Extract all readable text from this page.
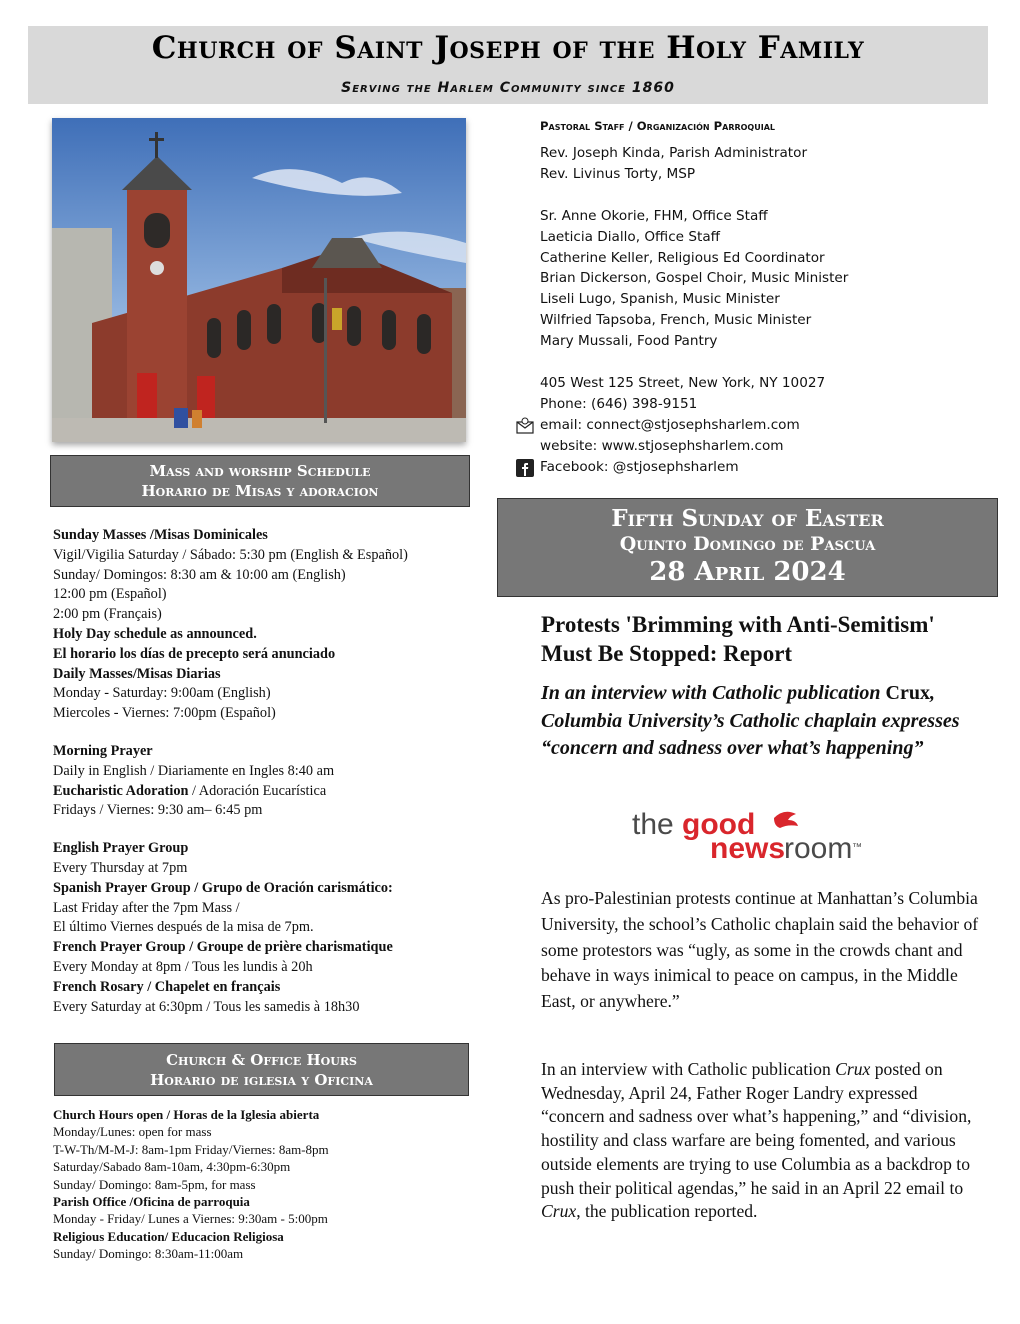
Church of Saint Joseph of the Holy Family
Serving the Harlem Community since 1860
Mass and worship Schedule
Horario de Misas y adoracion
Sunday Masses /Misas Dominicales
Vigil/Vigilia Saturday / Sábado: 5:30 pm (English & Español)
Sunday/ Domingos: 8:30 am & 10:00 am (English)
12:00 pm (Español)
2:00 pm (Français)
Holy Day schedule as announced.
El horario los días de precepto será anunciado
Daily Masses/Misas Diarias
Monday - Saturday: 9:00am (English)
Miercoles - Viernes: 7:00pm (Español)
Morning Prayer
Daily in English / Diariamente en Ingles 8:40 am
Eucharistic Adoration / Adoración Eucarística
Fridays / Viernes: 9:30 am– 6:45 pm
English Prayer Group
Every Thursday at 7pm
Spanish Prayer Group / Grupo de Oración carismático:
Last Friday after the 7pm Mass /
El último Viernes después de la misa de 7pm.
French Prayer Group / Groupe de prière charismatique
Every Monday at 8pm / Tous les lundis à 20h
French Rosary / Chapelet en français
Every Saturday at 6:30pm / Tous les samedis à 18h30
Church & Office Hours
Horario de iglesia y Oficina
Church Hours open / Horas de la Iglesia abierta
Monday/Lunes: open for mass
T-W-Th/M-M-J: 8am-1pm Friday/Viernes: 8am-8pm
Saturday/Sabado 8am-10am, 4:30pm-6:30pm
Sunday/ Domingo: 8am-5pm, for mass
Parish Office /Oficina de parroquia
Monday - Friday/ Lunes a Viernes: 9:30am - 5:00pm
Religious Education/ Educacion Religiosa
Sunday/ Domingo: 8:30am-11:00am
Pastoral Staff / Organización Parroquial
Rev. Joseph Kinda, Parish Administrator
Rev. Livinus Torty, MSP
Sr. Anne Okorie, FHM, Office Staff
Laeticia Diallo, Office Staff
Catherine Keller, Religious Ed Coordinator
Brian Dickerson, Gospel Choir, Music Minister
Liseli Lugo, Spanish, Music Minister
Wilfried Tapsoba, French, Music Minister
Mary Mussali, Food Pantry
405 West 125 Street, New York, NY 10027
Phone: (646) 398-9151
email: connect@stjosephsharlem.com
website: www.stjosephsharlem.com
Facebook: @stjosephsharlem
Fifth Sunday of Easter
Quinto Domingo de Pascua
28 April 2024
Protests 'Brimming with Anti-Semitism' Must Be Stopped: Report
In an interview with Catholic publication Crux, Columbia University’s Catholic chaplain expresses “concern and sadness over what’s happening”
the good
news
room ™
As pro-Palestinian protests continue at Manhattan’s Columbia University, the school’s Catholic chaplain said the behavior of some protestors was “ugly, as some in the crowds chant and behave in ways inimical to peace on campus, in the Middle East, or anywhere.”
In an interview with Catholic publication Crux posted on Wednesday, April 24, Father Roger Landry expressed “concern and sadness over what’s happening,” and “division, hostility and class warfare are being fomented, and various outside elements are trying to use Columbia as a backdrop to push their political agendas,” he said in an April 22 email to Crux, the publication reported.
